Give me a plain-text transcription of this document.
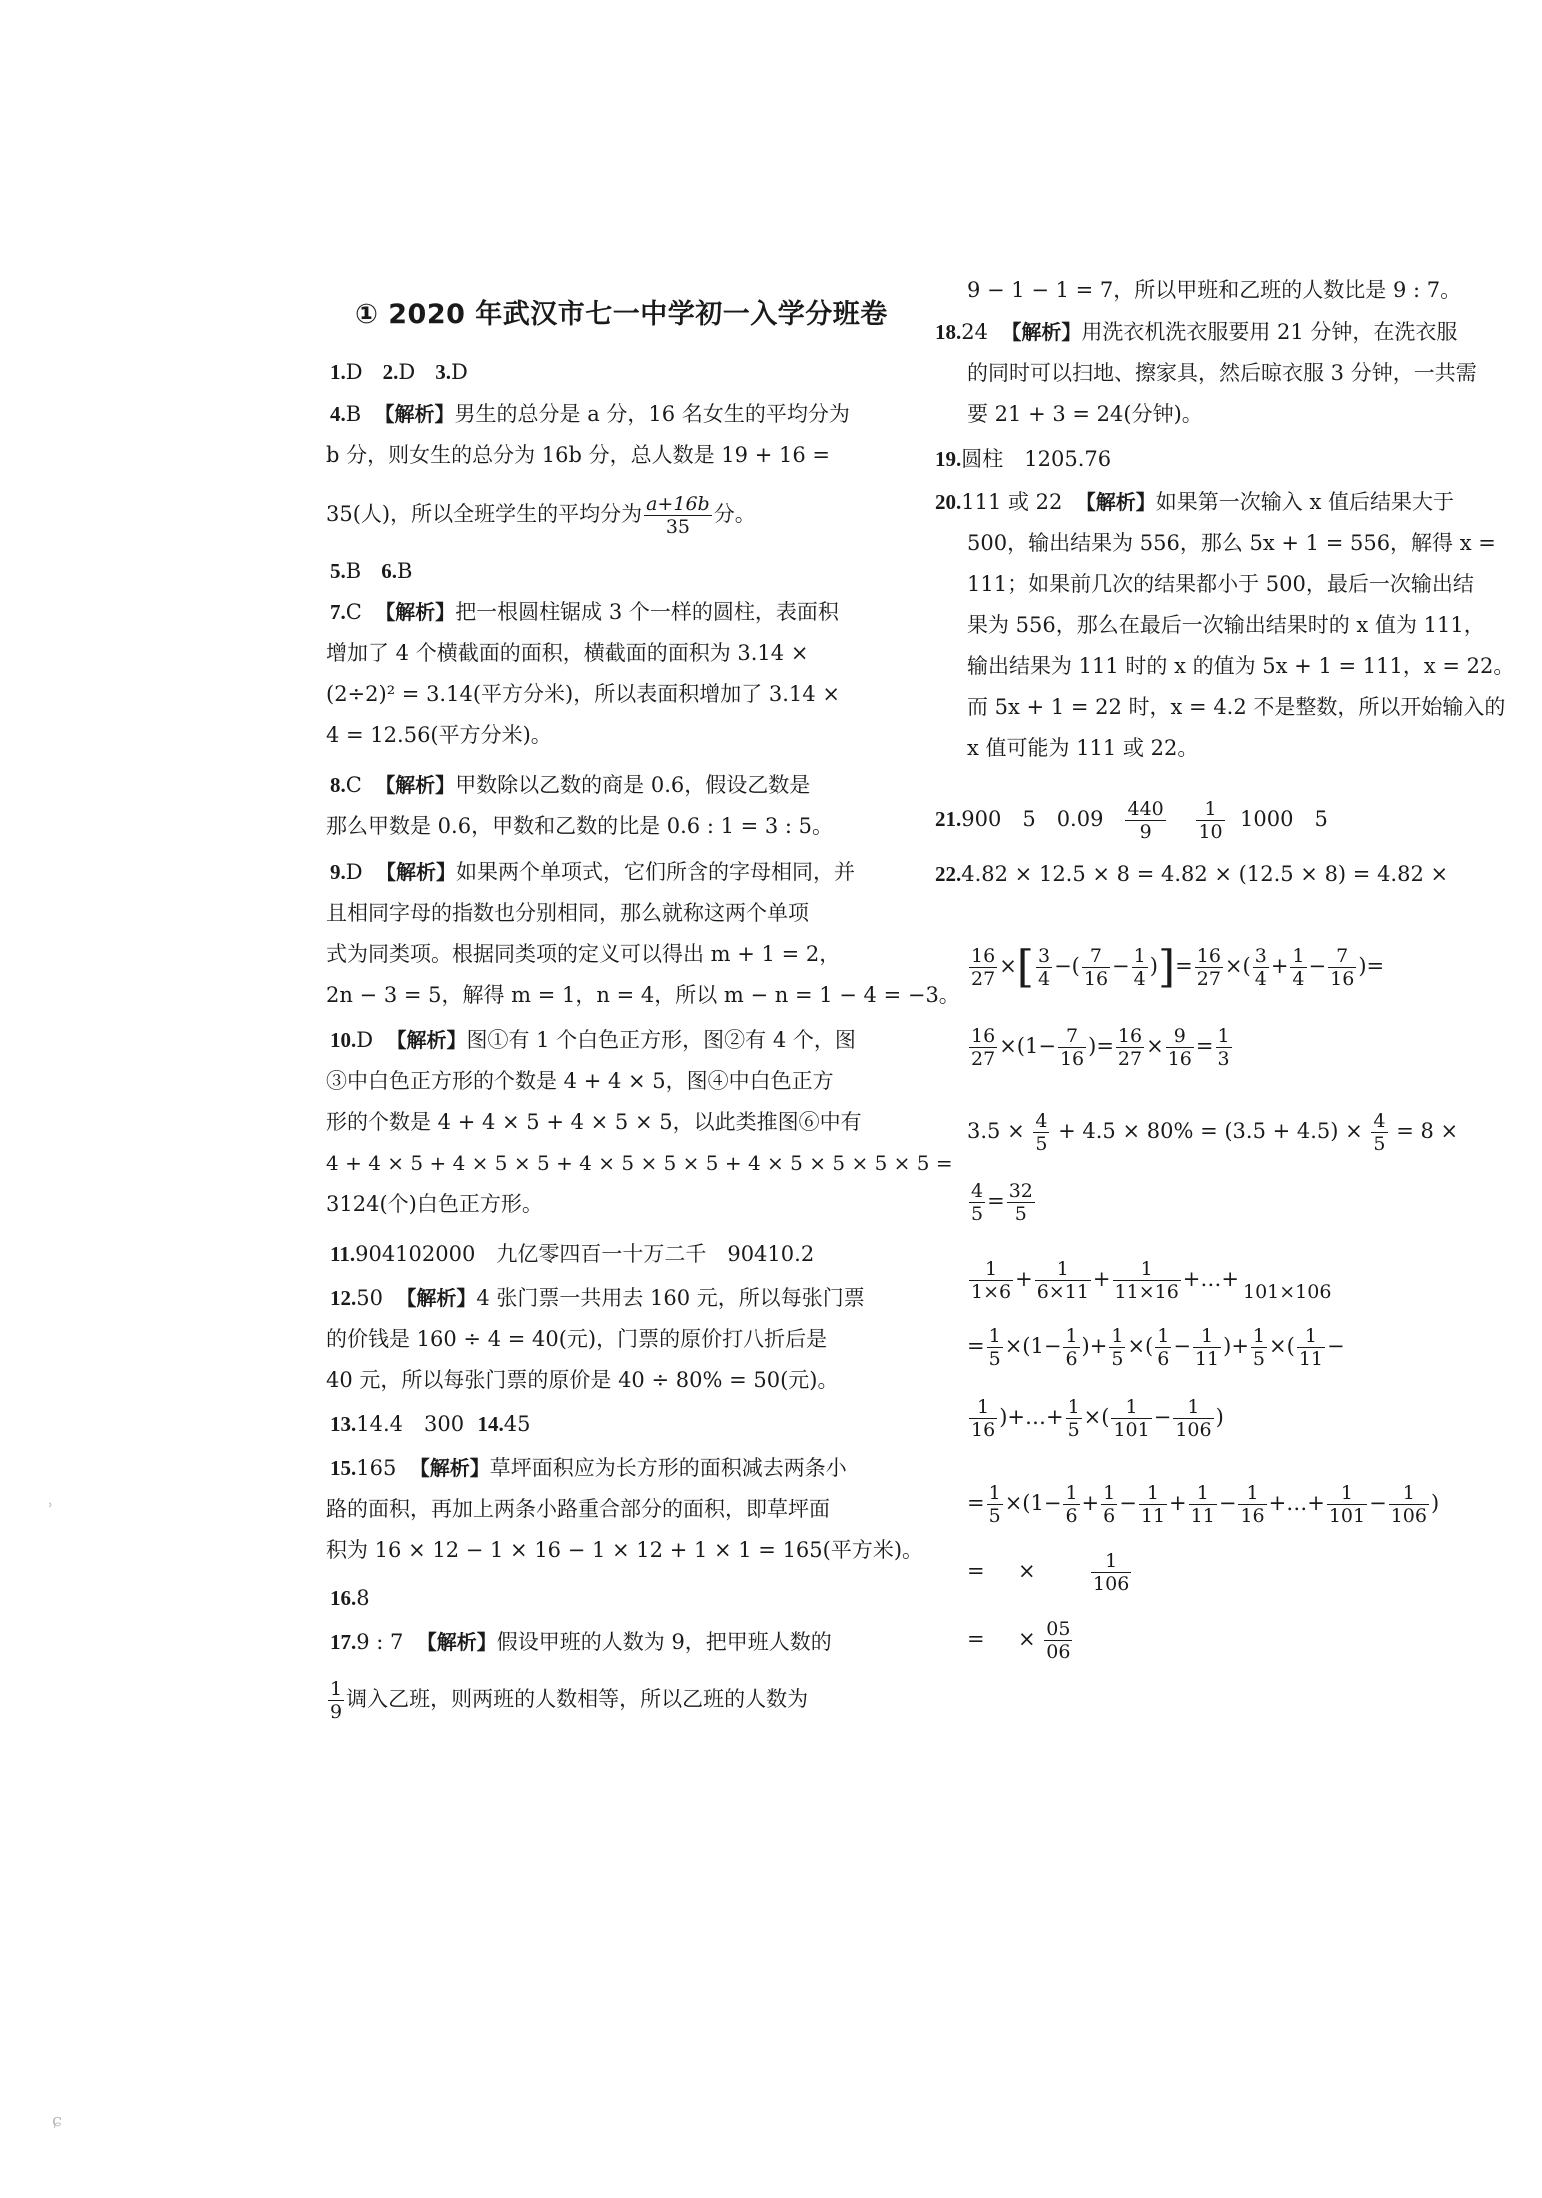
① 2020 年武汉市七一中学初一入学分班卷
1.D 2.D 3.D
4.B 【解析】男生的总分是 a 分，16 名女生的平均分为
b 分，则女生的总分为 16b 分，总人数是 19 + 16 =
35(人)，所以全班学生的平均分为 $\frac{a+16b}{35}$ 分。
5.B 6.B
7.C 【解析】把一根圆柱锯成 3 个一样的圆柱，表面积
增加了 4 个横截面的面积，横截面的面积为 3.14 ×
(2÷2)² = 3.14(平方分米)，所以表面积增加了 3.14 ×
4 = 12.56(平方分米)。
8.C 【解析】甲数除以乙数的商是 0.6，假设乙数是
那么甲数是 0.6，甲数和乙数的比是 0.6 : 1 = 3 : 5。
9.D 【解析】如果两个单项式，它们所含的字母相同，并
且相同字母的指数也分别相同，那么就称这两个单项
式为同类项。根据同类项的定义可以得出 m + 1 = 2，
2n − 3 = 5，解得 m = 1，n = 4，所以 m − n = 1 − 4 = −3。
10.D 【解析】图①有 1 个白色正方形，图②有 4 个，图
③中白色正方形的个数是 4 + 4 × 5，图④中白色正方
形的个数是 4 + 4 × 5 + 4 × 5 × 5，以此类推图⑥中有
4 + 4 × 5 + 4 × 5 × 5 + 4 × 5 × 5 × 5 + 4 × 5 × 5 × 5 × 5 =
3124(个)白色正方形。
11.904102000　九亿零四百一十万二千　90410.2
12.50 【解析】4 张门票一共用去 160 元，所以每张门票
的价钱是 160 ÷ 4 = 40(元)，门票的原价打八折后是
40 元，所以每张门票的原价是 40 ÷ 80% = 50(元)。
13.14.4　300 14.45
15.165 【解析】草坪面积应为长方形的面积减去两条小
路的面积，再加上两条小路重合部分的面积，即草坪面
积为 16 × 12 − 1 × 16 − 1 × 12 + 1 × 1 = 165(平方米)。
16.8
17.9 : 7 【解析】假设甲班的人数为 9，把甲班人数的
$\frac{1}{9}$ 调入乙班，则两班的人数相等，所以乙班的人数为
9 − 1 − 1 = 7，所以甲班和乙班的人数比是 9 : 7。
18.24 【解析】用洗衣机洗衣服要用 21 分钟，在洗衣服
的同时可以扫地、擦家具，然后晾衣服 3 分钟，一共需
要 21 + 3 = 24(分钟)。
19.圆柱　1205.76
20.111 或 22 【解析】如果第一次输入 x 值后结果大于
500，输出结果为 556，那么 5x + 1 = 556，解得 x =
111；如果前几次的结果都小于 500，最后一次输出结
果为 556，那么在最后一次输出结果时的 x 值为 111，
输出结果为 111 时的 x 的值为 5x + 1 = 111，x = 22。
而 5x + 1 = 22 时，x = 4.2 不是整数，所以开始输入的
x 值可能为 111 或 22。
21.900　5　$0.09 \frac{440}{9}$
$\frac{1}{10} 1000$　5
22.4.82 × 12.5 × 8 = 4.82 × (12.5 × 8) = 4.82 ×
$\frac{16}{27}$ ×[ $\frac{3}{4}$ −( $\frac{7}{16} - \frac{1}{4}$ )]= $\frac{16}{27}$ ×( $\frac{3}{4} + \frac{1}{4} - \frac{7}{16}$ )=
$\frac{16}{27} \times(1- \frac{7}{16}$ )= $\frac{16}{27} \times \frac{9}{16} = \frac{1}{3}$
$3.5 \times \frac{4}{5} + 4.5 \times 80\% = (3.5 + 4.5) \times \frac{4}{5} = 8$ ×
$\frac{4}{5} = \frac{32}{5}$
$\frac{1}{1\times 6} + \frac{1}{6\times 11} + \frac{1}{11\times 16}$ +…+
101×106
= $\frac{1}{5} \times(1- \frac{1}{6}$ )+ $\frac{1}{5}$ ×( $\frac{1}{6} - \frac{1}{11}$ )+ $\frac{1}{5}$ ×( $\frac{1}{11}$ −
$\frac{1}{16}$ )+…+ $\frac{1}{5}$ ×( $\frac{1}{101} - \frac{1}{106}$ )
= $\frac{1}{5} \times(1- \frac{1}{6} + \frac{1}{6} - \frac{1}{11} + \frac{1}{11} - \frac{1}{16}$ +…+ $\frac{1}{101} - \frac{1}{106}$ )
= ×	$\frac{1}{106}$
= × $\frac{05}{06}$
ʾ
ɕ
